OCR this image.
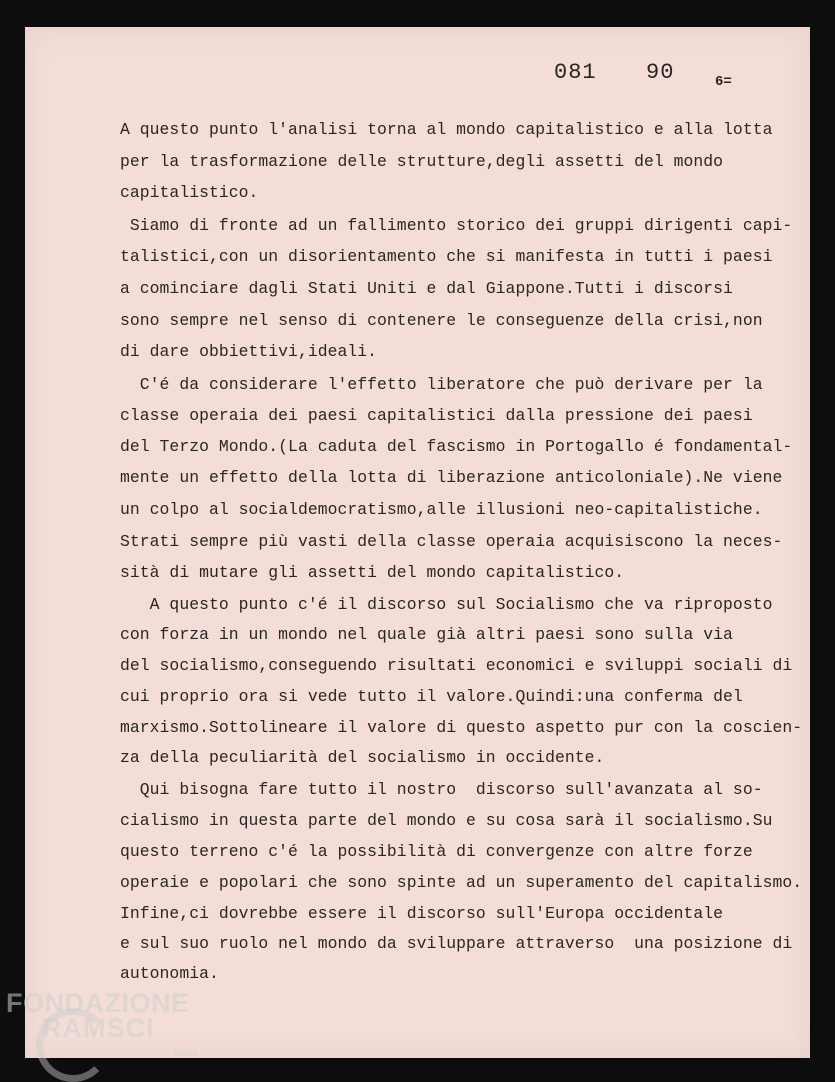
081 90	6=
A questo punto l'analisi torna al mondo capitalistico e alla lotta
per la trasformazione delle strutture,degli assetti del mondo
capitalistico.
Siamo di fronte ad un fallimento storico dei gruppi dirigenti capi-
talistici,con un disorientamento che si manifesta in tutti i paesi
a cominciare dagli Stati Uniti e dal Giappone.Tutti i discorsi
sono sempre nel senso di contenere le conseguenze della crisi,non
di dare obbiettivi,ideali.
C'é da considerare l'effetto liberatore che può derivare per la
classe operaia dei paesi capitalistici dalla pressione dei paesi
del Terzo Mondo.(La caduta del fascismo in Portogallo é fondamental-
mente un effetto della lotta di liberazione anticoloniale).Ne viene
un colpo al socialdemocratismo,alle illusioni neo-capitalistiche.
Strati sempre più vasti della classe operaia acquisiscono la neces-
sità di mutare gli assetti del mondo capitalistico.
A questo punto c'é il discorso sul Socialismo che va riproposto
con forza in un mondo nel quale già altri paesi sono sulla via
del socialismo,conseguendo risultati economici e sviluppi sociali di
cui proprio ora si vede tutto il valore.Quindi:una conferma del
marxismo.Sottolineare il valore di questo aspetto pur con la coscien-
za della peculiarità del socialismo in occidente.
Qui bisogna fare tutto il nostro  discorso sull'avanzata al so-
cialismo in questa parte del mondo e su cosa sarà il socialismo.Su
questo terreno c'é la possibilità di convergenze con altre forze
operaie e popolari che sono spinte ad un superamento del capitalismo.
Infine,ci dovrebbe essere il discorso sull'Europa occidentale
e sul suo ruolo nel mondo da sviluppare attraverso  una posizione di
autonomia.
FONDAZIONE
RAMSCI
onlus
